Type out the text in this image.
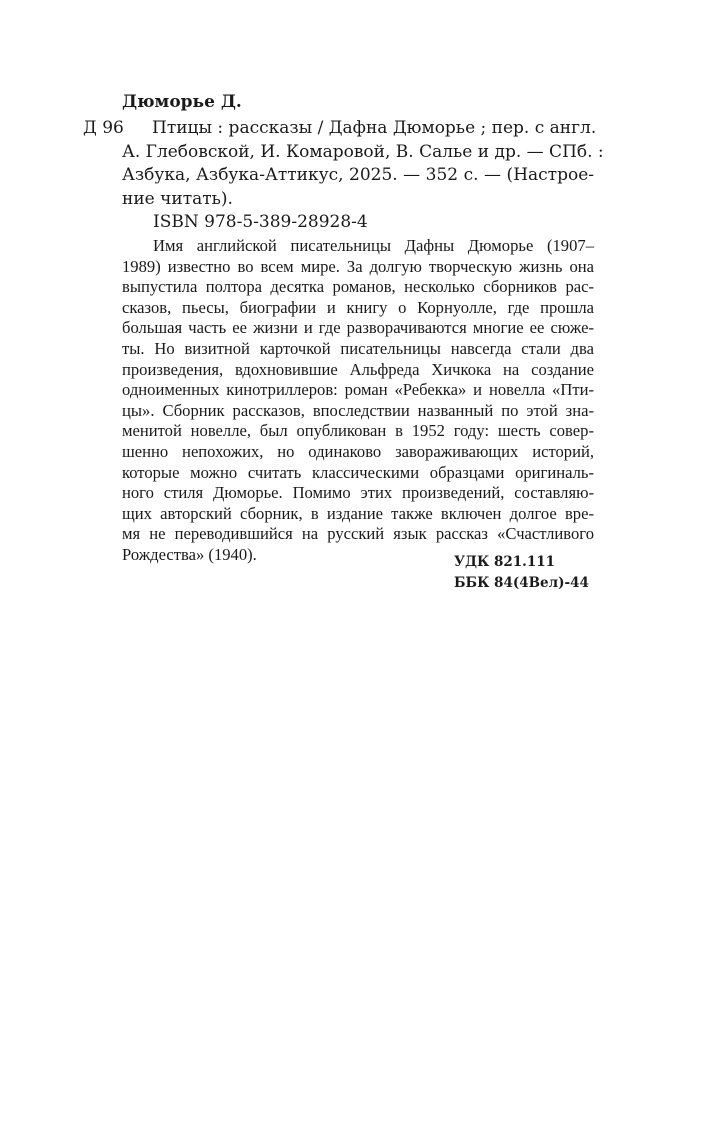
Дюморье Д.
Д 96	Птицы : рассказы / Дафна Дюморье ; пер. с англ.
А. Глебовской, И. Комаровой, В. Салье и др. — СПб. :
Азбука, Азбука-Аттикус, 2025. — 352 с. — (Настрое-
ние читать).
ISBN 978-5-389-28928-4
Имя английской писательницы Дафны Дюморье (1907–
1989) известно во всем мире. За долгую творческую жизнь она
выпустила полтора десятка романов, несколько сборников рас-
сказов, пьесы, биографии и книгу о Корнуолле, где прошла
большая часть ее жизни и где разворачиваются многие ее сюже-
ты. Но визитной карточкой писательницы навсегда стали два
произведения, вдохновившие Альфреда Хичкока на создание
одноименных кинотриллеров: роман «Ребекка» и новелла «Пти-
цы». Сборник рассказов, впоследствии названный по этой зна-
менитой новелле, был опубликован в 1952 году: шесть совер-
шенно непохожих, но одинаково завораживающих историй,
которые можно считать классическими образцами оригиналь-
ного стиля Дюморье. Помимо этих произведений, составляю-
щих авторский сборник, в издание также включен долгое вре-
мя не переводившийся на русский язык рассказ «Счастливого
Рождества» (1940).	УДК 821.111
ББК 84(4Вел)-44
